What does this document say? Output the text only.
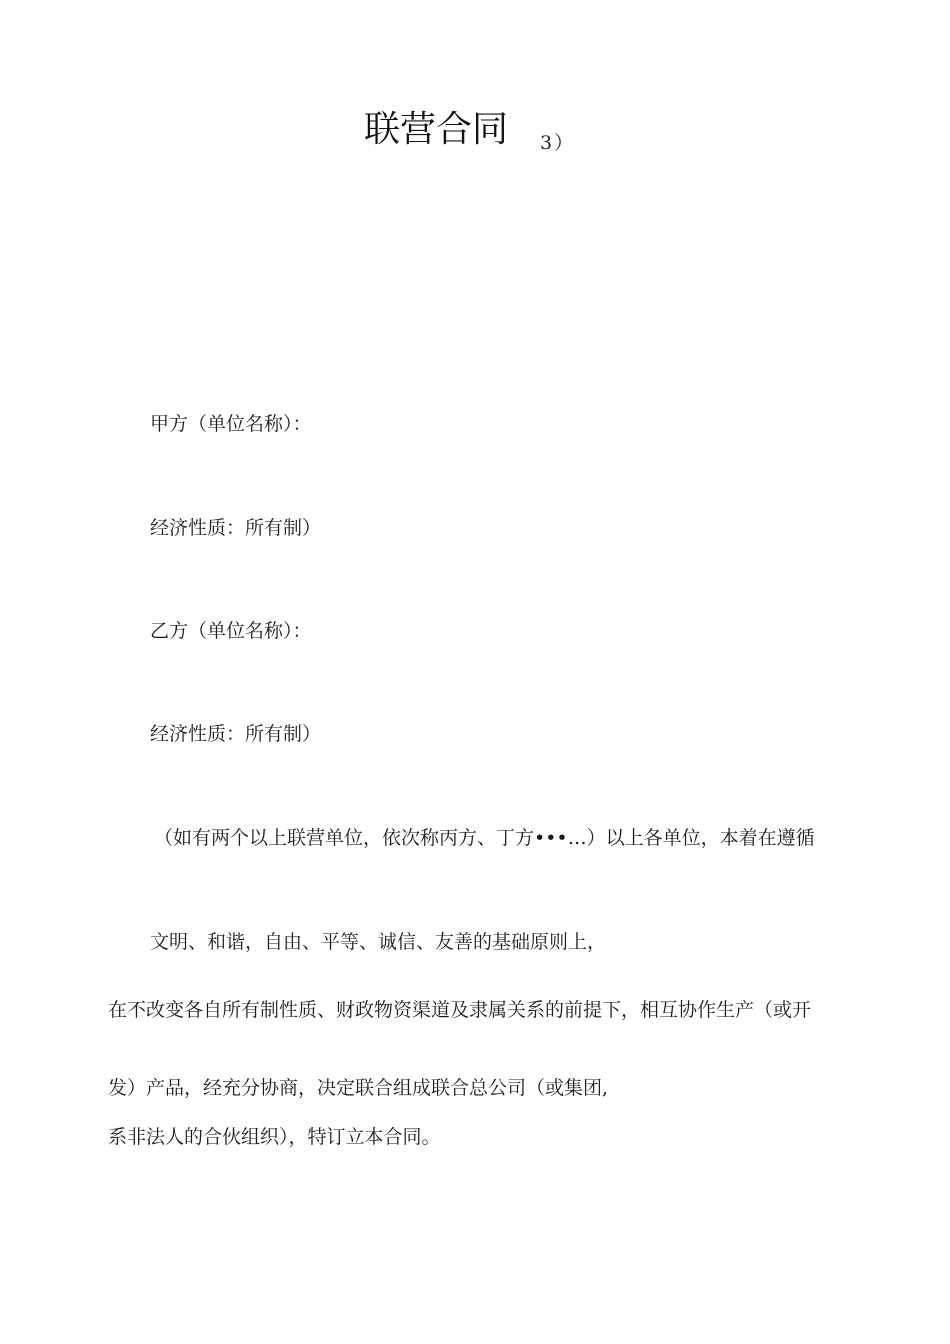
联营合同 3）

甲方（单位名称）：

经济性质：所有制）

乙方（单位名称）：

经济性质：所有制）

（如有两个以上联营单位，依次称丙方、丁方•••…）以上各单位，本着在遵循

文明、和谐，自由、平等、诚信、友善的基础原则上，

在不改变各自所有制性质、财政物资渠道及隶属关系的前提下，相互协作生产（或开

发）产品，经充分协商，决定联合组成联合总公司（或集团,

系非法人的合伙组织），特订立本合同。
